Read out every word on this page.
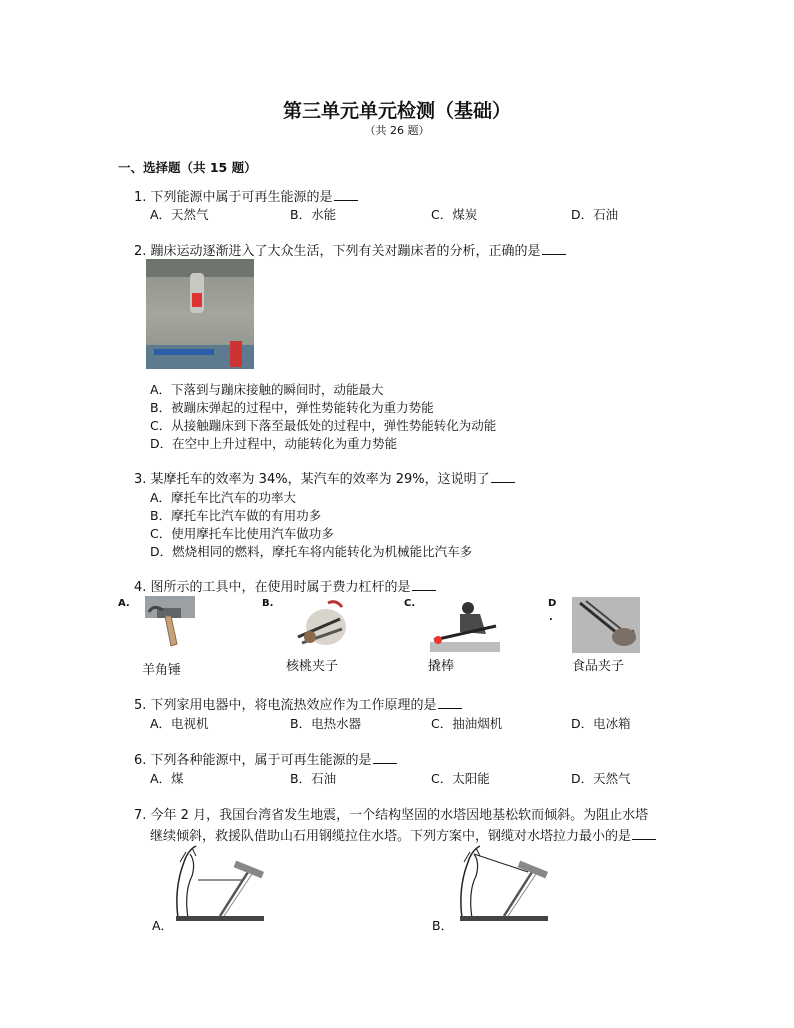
第三单元单元检测（基础）
（共 26 题）
一、选择题（共 15 题）
1. 下列能源中属于可再生能源的是
A．天然气	B．水能	C．煤炭	D．石油
2. 蹦床运动逐渐进入了大众生活，下列有关对蹦床者的分析，正确的是
A．下落到与蹦床接触的瞬间时，动能最大
B．被蹦床弹起的过程中，弹性势能转化为重力势能
C．从接触蹦床到下落至最低处的过程中，弹性势能转化为动能
D．在空中上升过程中，动能转化为重力势能
3. 某摩托车的效率为 34%，某汽车的效率为 29%，这说明了
A．摩托车比汽车的功率大
B．摩托车比汽车做的有用功多
C．使用摩托车比使用汽车做功多
D．燃烧相同的燃料，摩托车将内能转化为机械能比汽车多
4. 图所示的工具中，在使用时属于费力杠杆的是
A.	B.	C.	D
.
羊角锤	核桃夹子	撬棒	食品夹子
5. 下列家用电器中，将电流热效应作为工作原理的是
A．电视机	B．电热水器	C．抽油烟机	D．电冰箱
6. 下列各种能源中，属于可再生能源的是
A．煤	B．石油	C．太阳能	D．天然气
7. 今年 2 月，我国台湾省发生地震，一个结构坚固的水塔因地基松软而倾斜。为阻止水塔
继续倾斜，救援队借助山石用钢缆拉住水塔。下列方案中，钢缆对水塔拉力最小的是
A．	B．
